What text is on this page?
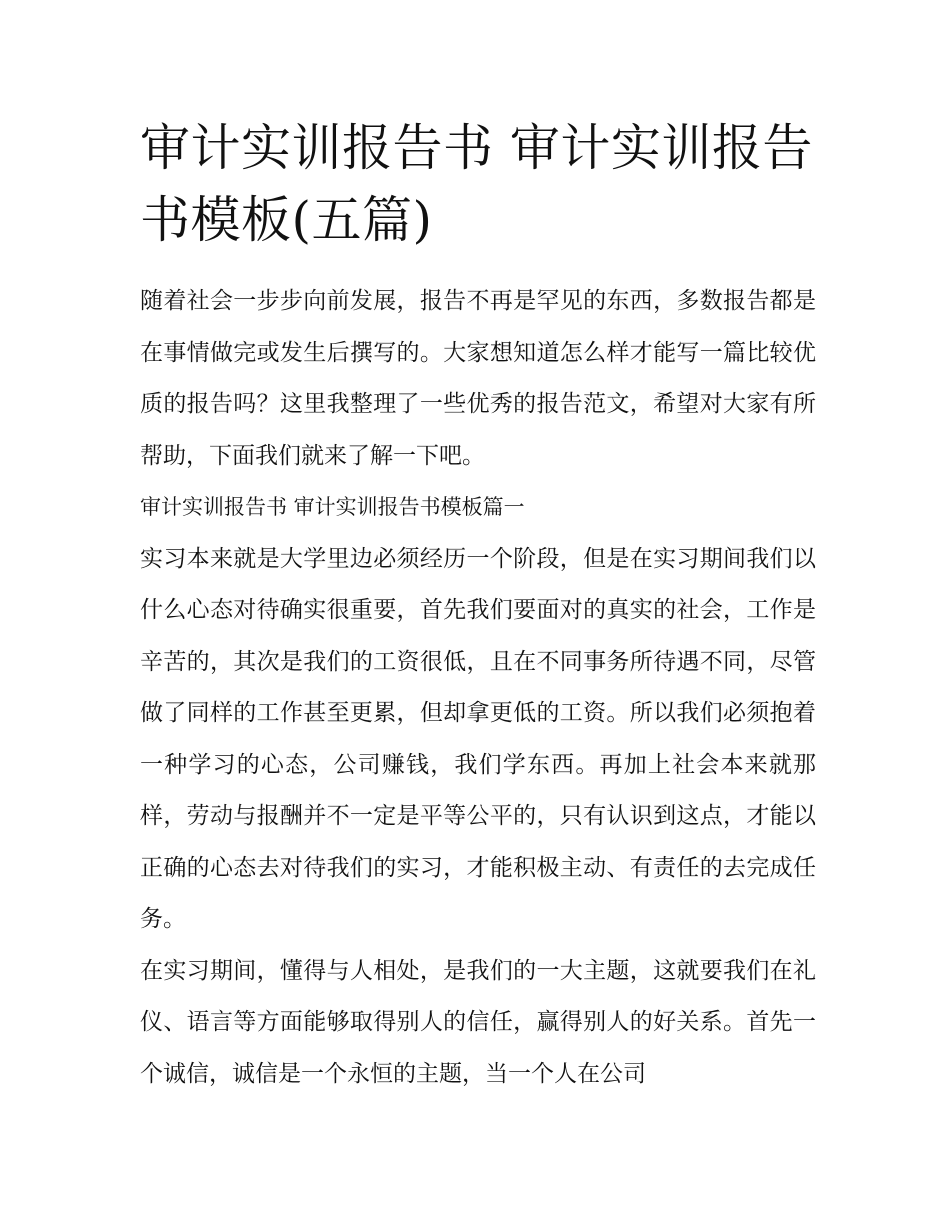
审计实训报告书 审计实训报告书模板(五篇)

随着社会一步步向前发展，报告不再是罕见的东西，多数报告都是在事情做完或发生后撰写的。大家想知道怎么样才能写一篇比较优质的报告吗？这里我整理了一些优秀的报告范文，希望对大家有所帮助，下面我们就来了解一下吧。

审计实训报告书 审计实训报告书模板篇一

实习本来就是大学里边必须经历一个阶段，但是在实习期间我们以什么心态对待确实很重要，首先我们要面对的真实的社会，工作是辛苦的，其次是我们的工资很低，且在不同事务所待遇不同，尽管做了同样的工作甚至更累，但却拿更低的工资。所以我们必须抱着一种学习的心态，公司赚钱，我们学东西。再加上社会本来就那样，劳动与报酬并不一定是平等公平的，只有认识到这点，才能以正确的心态去对待我们的实习，才能积极主动、有责任的去完成任务。

在实习期间，懂得与人相处，是我们的一大主题，这就要我们在礼仪、语言等方面能够取得别人的信任，赢得别人的好关系。首先一个诚信，诚信是一个永恒的主题，当一个人在公司
